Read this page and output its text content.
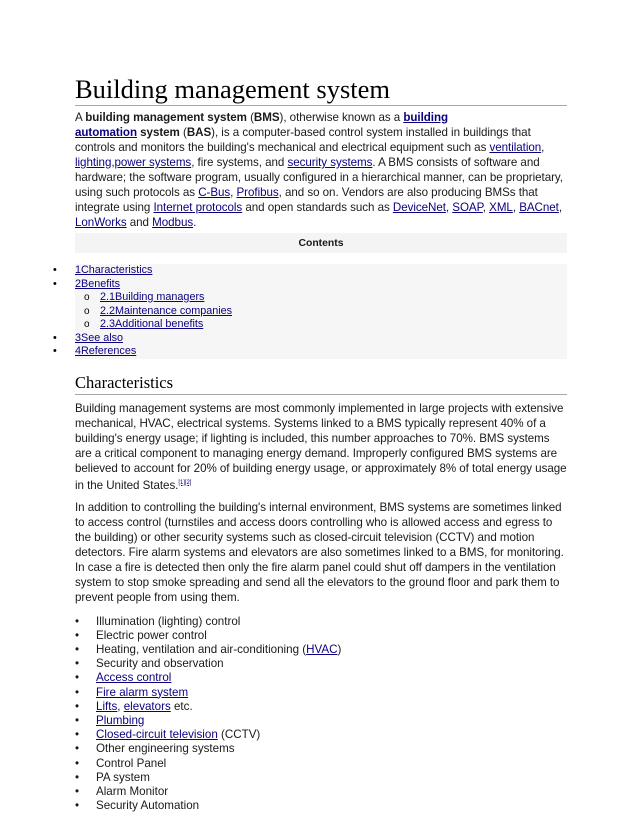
Building management system

A building management system (BMS), otherwise known as a building
automation system (BAS), is a computer-based control system installed in buildings that controls and monitors the building's mechanical and electrical equipment such as ventilation, lighting,power systems, fire systems, and security systems. A BMS consists of software and hardware; the software program, usually configured in a hierarchical manner, can be proprietary, using such protocols as C-Bus, Profibus, and so on. Vendors are also producing BMSs that integrate using Internet protocols and open standards such as DeviceNet, SOAP, XML, BACnet, LonWorks and Modbus.

Contents
• 1Characteristics
• 2Benefits
o 2.1Building managers
o 2.2Maintenance companies
o 2.3Additional benefits
• 3See also
• 4References
Characteristics

Building management systems are most commonly implemented in large projects with extensive mechanical, HVAC, electrical systems. Systems linked to a BMS typically represent 40% of a building's energy usage; if lighting is included, this number approaches to 70%. BMS systems are a critical component to managing energy demand. Improperly configured BMS systems are believed to account for 20% of building energy usage, or approximately 8% of total energy usage in the United States.[1][2]

In addition to controlling the building's internal environment, BMS systems are sometimes linked to access control (turnstiles and access doors controlling who is allowed access and egress to the building) or other security systems such as closed-circuit television (CCTV) and motion detectors. Fire alarm systems and elevators are also sometimes linked to a BMS, for monitoring. In case a fire is detected then only the fire alarm panel could shut off dampers in the ventilation system to stop smoke spreading and send all the elevators to the ground floor and park them to prevent people from using them.

• Illumination (lighting) control
• Electric power control
• Heating, ventilation and air-conditioning (HVAC)
• Security and observation
• Access control
• Fire alarm system
• Lifts, elevators etc.
• Plumbing
• Closed-circuit television (CCTV)
• Other engineering systems
• Control Panel
• PA system
• Alarm Monitor
• Security Automation
